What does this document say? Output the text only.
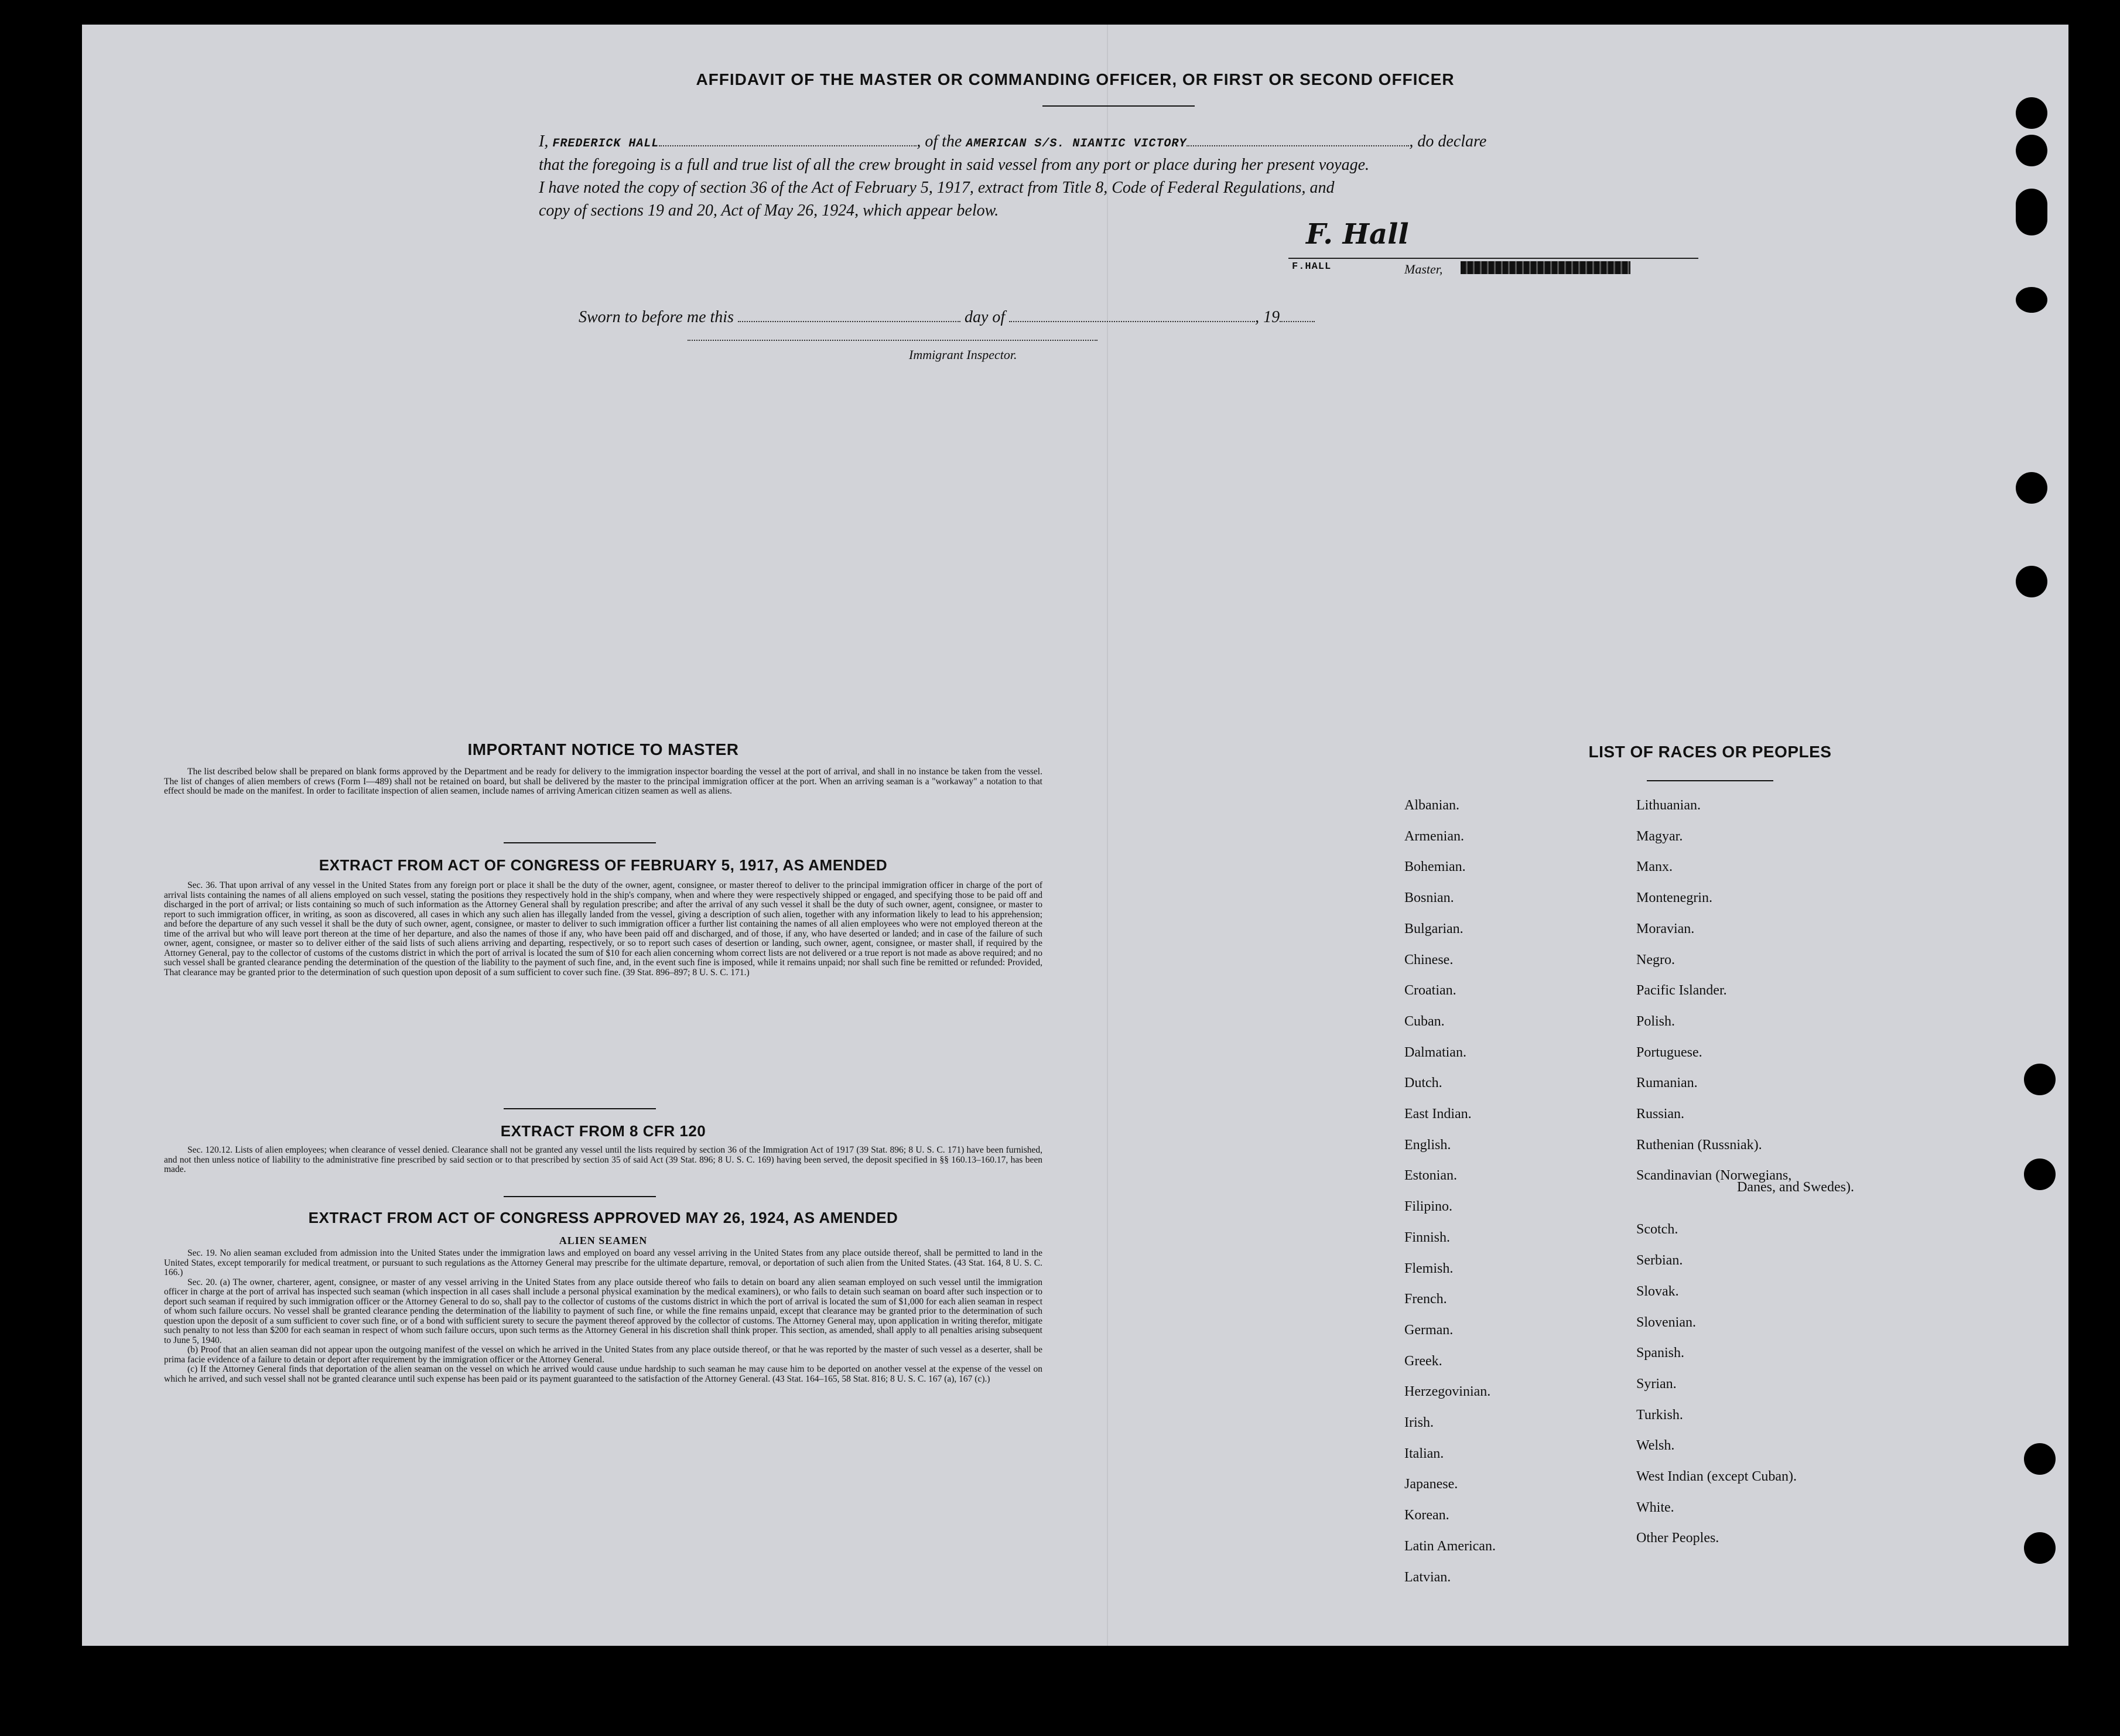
AFFIDAVIT OF THE MASTER OR COMMANDING OFFICER, OR FIRST OR SECOND OFFICER
I, FREDERICK HALL	, of the AMERICAN S/S. NIANTIC VICTORY	, do declare
that the foregoing is a full and true list of all the crew brought in said vessel from any port or place during her present voyage.
I have noted the copy of section 36 of the Act of February 5, 1917, extract from Title 8, Code of Federal Regulations, and
copy of sections 19 and 20, Act of May 26, 1924, which appear below.
F. Hall
F.HALL	Master,
Sworn to before me this	day of	, 19
Immigrant Inspector.
IMPORTANT NOTICE TO MASTER
The list described below shall be prepared on blank forms approved by the Department and be ready for delivery to the immigration inspector boarding the vessel at the port of arrival, and shall in no instance be taken from the vessel. The list of changes of alien members of crews (Form I—489) shall not be retained on board, but shall be delivered by the master to the principal immigration officer at the port. When an arriving seaman is a "workaway" a notation to that effect should be made on the manifest. In order to facilitate inspection of alien seamen, include names of arriving American citizen seamen as well as aliens.
EXTRACT FROM ACT OF CONGRESS OF FEBRUARY 5, 1917, AS AMENDED
Sec. 36. That upon arrival of any vessel in the United States from any foreign port or place it shall be the duty of the owner, agent, consignee, or master thereof to deliver to the principal immigration officer in charge of the port of arrival lists containing the names of all aliens employed on such vessel, stating the positions they respectively hold in the ship's company, when and where they were respectively shipped or engaged, and specifying those to be paid off and discharged in the port of arrival; or lists containing so much of such information as the Attorney General shall by regulation prescribe; and after the arrival of any such vessel it shall be the duty of such owner, agent, consignee, or master to report to such immigration officer, in writing, as soon as discovered, all cases in which any such alien has illegally landed from the vessel, giving a description of such alien, together with any information likely to lead to his apprehension; and before the departure of any such vessel it shall be the duty of such owner, agent, consignee, or master to deliver to such immigration officer a further list containing the names of all alien employees who were not employed thereon at the time of the arrival but who will leave port thereon at the time of her departure, and also the names of those if any, who have been paid off and discharged, and of those, if any, who have deserted or landed; and in case of the failure of such owner, agent, consignee, or master so to deliver either of the said lists of such aliens arriving and departing, respectively, or so to report such cases of desertion or landing, such owner, agent, consignee, or master shall, if required by the Attorney General, pay to the collector of customs of the customs district in which the port of arrival is located the sum of $10 for each alien concerning whom correct lists are not delivered or a true report is not made as above required; and no such vessel shall be granted clearance pending the determination of the question of the liability to the payment of such fine, and, in the event such fine is imposed, while it remains unpaid; nor shall such fine be remitted or refunded: Provided, That clearance may be granted prior to the determination of such question upon deposit of a sum sufficient to cover such fine. (39 Stat. 896–897; 8 U. S. C. 171.)
EXTRACT FROM 8 CFR 120
Sec. 120.12. Lists of alien employees; when clearance of vessel denied. Clearance shall not be granted any vessel until the lists required by section 36 of the Immigration Act of 1917 (39 Stat. 896; 8 U. S. C. 171) have been furnished, and not then unless notice of liability to the administrative fine prescribed by said section or to that prescribed by section 35 of said Act (39 Stat. 896; 8 U. S. C. 169) having been served, the deposit specified in §§ 160.13–160.17, has been made.
EXTRACT FROM ACT OF CONGRESS APPROVED MAY 26, 1924, AS AMENDED
ALIEN SEAMEN
Sec. 19. No alien seaman excluded from admission into the United States under the immigration laws and employed on board any vessel arriving in the United States from any place outside thereof, shall be permitted to land in the United States, except temporarily for medical treatment, or pursuant to such regulations as the Attorney General may prescribe for the ultimate departure, removal, or deportation of such alien from the United States. (43 Stat. 164, 8 U. S. C. 166.)
Sec. 20. (a) The owner, charterer, agent, consignee, or master of any vessel arriving in the United States from any place outside thereof who fails to detain on board any alien seaman employed on such vessel until the immigration officer in charge at the port of arrival has inspected such seaman (which inspection in all cases shall include a personal physical examination by the medical examiners), or who fails to detain such seaman on board after such inspection or to deport such seaman if required by such immigration officer or the Attorney General to do so, shall pay to the collector of customs of the customs district in which the port of arrival is located the sum of $1,000 for each alien seaman in respect of whom such failure occurs. No vessel shall be granted clearance pending the determination of the liability to payment of such fine, or while the fine remains unpaid, except that clearance may be granted prior to the determination of such question upon the deposit of a sum sufficient to cover such fine, or of a bond with sufficient surety to secure the payment thereof approved by the collector of customs. The Attorney General may, upon application in writing therefor, mitigate such penalty to not less than $200 for each seaman in respect of whom such failure occurs, upon such terms as the Attorney General in his discretion shall think proper. This section, as amended, shall apply to all penalties arising subsequent to June 5, 1940.
(b) Proof that an alien seaman did not appear upon the outgoing manifest of the vessel on which he arrived in the United States from any place outside thereof, or that he was reported by the master of such vessel as a deserter, shall be prima facie evidence of a failure to detain or deport after requirement by the immigration officer or the Attorney General.
(c) If the Attorney General finds that deportation of the alien seaman on the vessel on which he arrived would cause undue hardship to such seaman he may cause him to be deported on another vessel at the expense of the vessel on which he arrived, and such vessel shall not be granted clearance until such expense has been paid or its payment guaranteed to the satisfaction of the Attorney General. (43 Stat. 164–165, 58 Stat. 816; 8 U. S. C. 167 (a), 167 (c).)
LIST OF RACES OR PEOPLES
Danes, and Swedes).
Albanian.
Armenian.
Bohemian.
Bosnian.
Bulgarian.
Chinese.
Croatian.
Cuban.
Dalmatian.
Dutch.
East Indian.
English.
Estonian.
Filipino.
Finnish.
Flemish.
French.
German.
Greek.
Herzegovinian.
Irish.
Italian.
Japanese.
Korean.
Latin American.
Latvian.
Lithuanian.
Magyar.
Manx.
Montenegrin.
Moravian.
Negro.
Pacific Islander.
Polish.
Portuguese.
Rumanian.
Russian.
Ruthenian (Russniak).
Scandinavian (Norwegians,
Scotch.
Serbian.
Slovak.
Slovenian.
Spanish.
Syrian.
Turkish.
Welsh.
West Indian (except Cuban).
White.
Other Peoples.
